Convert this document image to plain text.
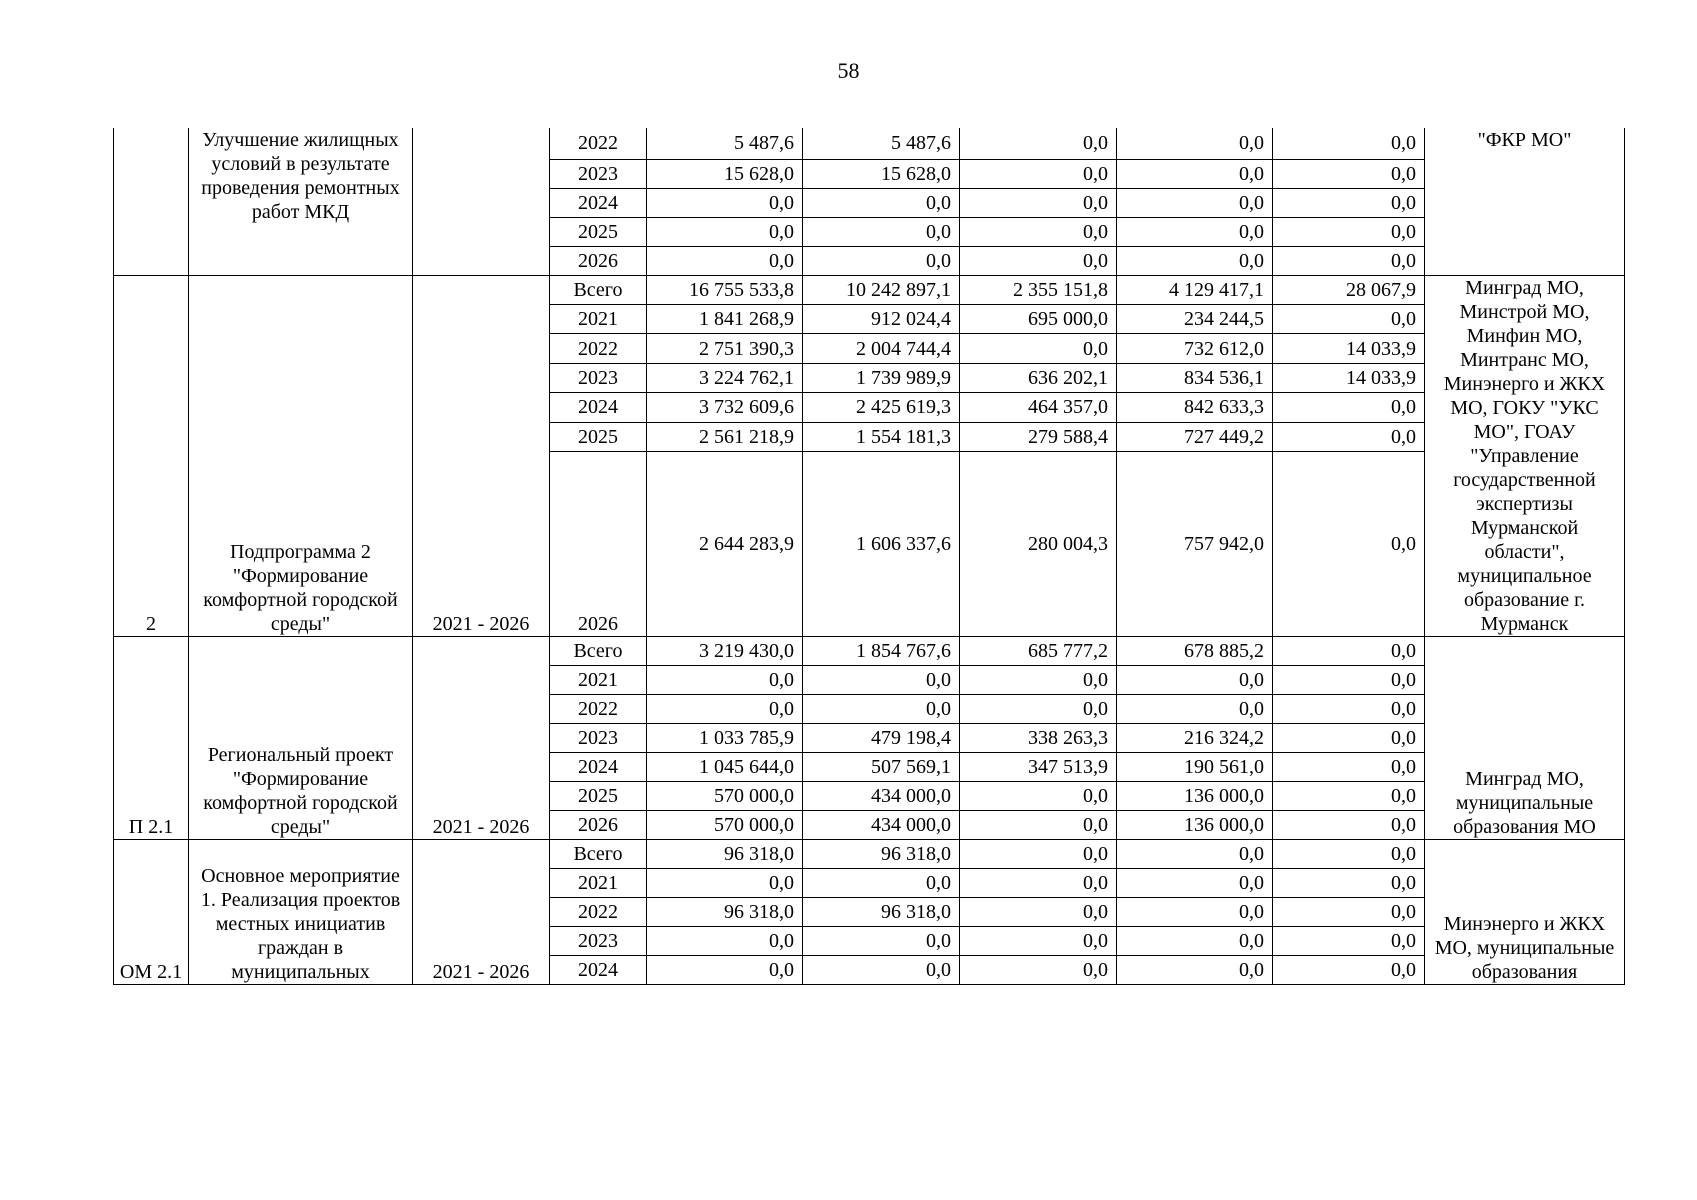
58
	Улучшение жилищных условий в результате проведения ремонтных работ МКД		2022	5 487,6	5 487,6	0,0	0,0	0,0	"ФКР МО"
			2023	15 628,0	15 628,0	0,0	0,0	0,0	
			2024	0,0	0,0	0,0	0,0	0,0	
			2025	0,0	0,0	0,0	0,0	0,0	
			2026	0,0	0,0	0,0	0,0	0,0	
2	Подпрограмма 2 "Формирование комфортной городской среды"	2021 - 2026	Всего	16 755 533,8	10 242 897,1	2 355 151,8	4 129 417,1	28 067,9	Минград МО, Минстрой МО, Минфин МО, Минтранс МО, Минэнерго и ЖКХ МО, ГОКУ "УКС МО", ГОАУ "Управление государственной экспертизы Мурманской области", муниципальное образование г. Мурманск
			2021	1 841 268,9	912 024,4	695 000,0	234 244,5	0,0	
			2022	2 751 390,3	2 004 744,4	0,0	732 612,0	14 033,9	
			2023	3 224 762,1	1 739 989,9	636 202,1	834 536,1	14 033,9	
			2024	3 732 609,6	2 425 619,3	464 357,0	842 633,3	0,0	
			2025	2 561 218,9	1 554 181,3	279 588,4	727 449,2	0,0	
			2026	2 644 283,9	1 606 337,6	280 004,3	757 942,0	0,0	
П 2.1	Региональный проект "Формирование комфортной городской среды"	2021 - 2026	Всего	3 219 430,0	1 854 767,6	685 777,2	678 885,2	0,0	Минград МО, муниципальные образования МО
			2021	0,0	0,0	0,0	0,0	0,0	
			2022	0,0	0,0	0,0	0,0	0,0	
			2023	1 033 785,9	479 198,4	338 263,3	216 324,2	0,0	
			2024	1 045 644,0	507 569,1	347 513,9	190 561,0	0,0	
			2025	570 000,0	434 000,0	0,0	136 000,0	0,0	
			2026	570 000,0	434 000,0	0,0	136 000,0	0,0	
ОМ 2.1	Основное мероприятие 1. Реализация проектов местных инициатив граждан в муниципальных	2021 - 2026	Всего	96 318,0	96 318,0	0,0	0,0	0,0	Минэнерго и ЖКХ МО, муниципальные образования
			2021	0,0	0,0	0,0	0,0	0,0	
			2022	96 318,0	96 318,0	0,0	0,0	0,0	
			2023	0,0	0,0	0,0	0,0	0,0	
			2024	0,0	0,0	0,0	0,0	0,0	
